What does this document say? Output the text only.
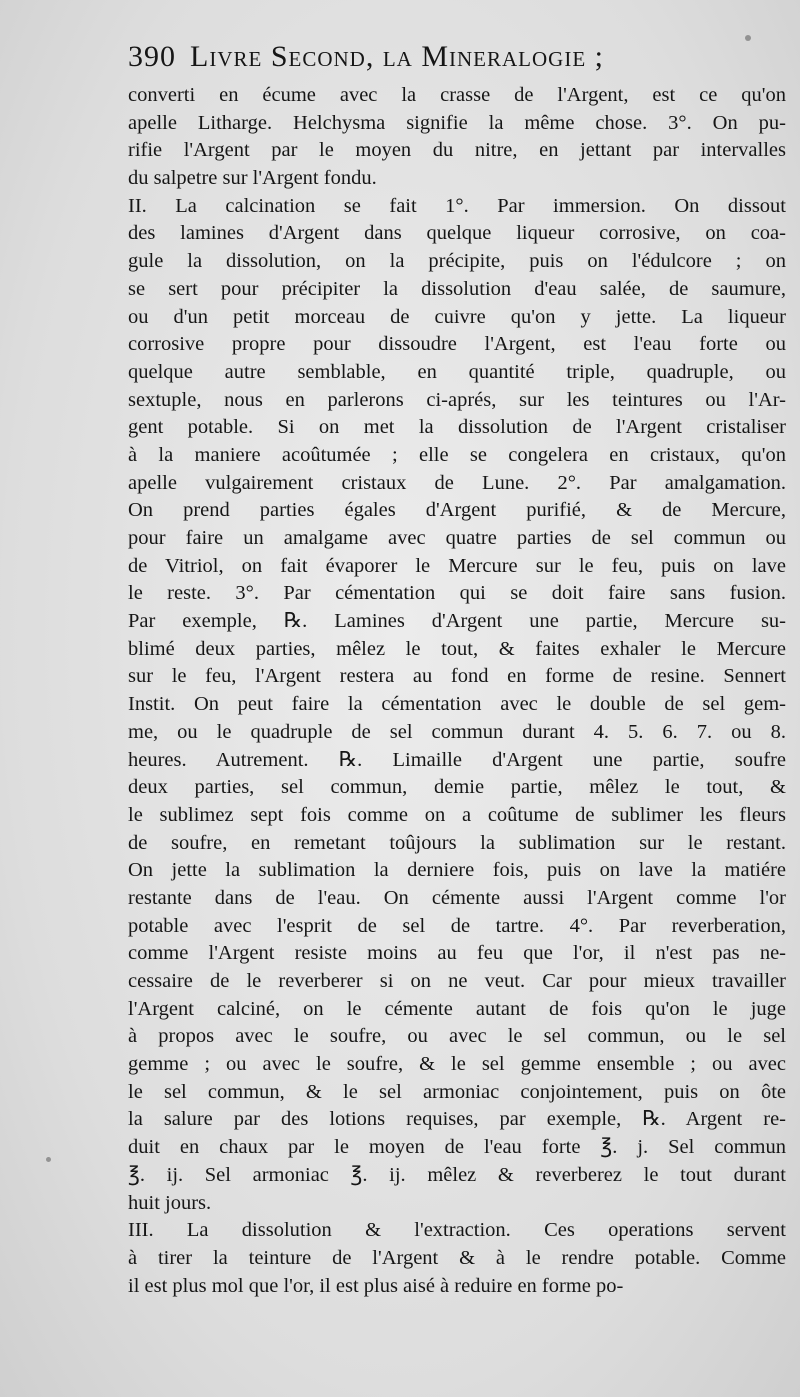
390 Livre Second, la Mineralogie ;
converti en écume avec la crasse de l'Argent, est ce qu'on
apelle Litharge. Helchysma signifie la même chose. 3°. On pu-
rifie l'Argent par le moyen du nitre, en jettant par intervalles
du salpetre sur l'Argent fondu.
II. La calcination se fait 1°. Par immersion. On dissout
des lamines d'Argent dans quelque liqueur corrosive, on coa-
gule la dissolution, on la précipite, puis on l'édulcore ; on
se sert pour précipiter la dissolution d'eau salée, de saumure,
ou d'un petit morceau de cuivre qu'on y jette. La liqueur
corrosive propre pour dissoudre l'Argent, est l'eau forte ou
quelque autre semblable, en quantité triple, quadruple, ou
sextuple, nous en parlerons ci-aprés, sur les teintures ou l'Ar-
gent potable. Si on met la dissolution de l'Argent cristaliser
à la maniere acoûtumée ; elle se congelera en cristaux, qu'on
apelle vulgairement cristaux de Lune. 2°. Par amalgamation.
On prend parties égales d'Argent purifié, & de Mercure,
pour faire un amalgame avec quatre parties de sel commun ou
de Vitriol, on fait évaporer le Mercure sur le feu, puis on lave
le reste. 3°. Par cémentation qui se doit faire sans fusion.
Par exemple, ℞. Lamines d'Argent une partie, Mercure su-
blimé deux parties, mêlez le tout, & faites exhaler le Mercure
sur le feu, l'Argent restera au fond en forme de resine. Sennert
Instit. On peut faire la cémentation avec le double de sel gem-
me, ou le quadruple de sel commun durant 4. 5. 6. 7. ou 8.
heures. Autrement. ℞. Limaille d'Argent une partie, soufre
deux parties, sel commun, demie partie, mêlez le tout, &
le sublimez sept fois comme on a coûtume de sublimer les fleurs
de soufre, en remetant toûjours la sublimation sur le restant.
On jette la sublimation la derniere fois, puis on lave la matiére
restante dans de l'eau. On cémente aussi l'Argent comme l'or
potable avec l'esprit de sel de tartre. 4°. Par reverberation,
comme l'Argent resiste moins au feu que l'or, il n'est pas ne-
cessaire de le reverberer si on ne veut. Car pour mieux travailler
l'Argent calciné, on le cémente autant de fois qu'on le juge
à propos avec le soufre, ou avec le sel commun, ou le sel
gemme ; ou avec le soufre, & le sel gemme ensemble ; ou avec
le sel commun, & le sel armoniac conjointement, puis on ôte
la salure par des lotions requises, par exemple, ℞. Argent re-
duit en chaux par le moyen de l'eau forte ℥. j. Sel commun
℥. ij. Sel armoniac ℥. ij. mêlez & reverberez le tout durant
huit jours.
III. La dissolution & l'extraction. Ces operations servent
à tirer la teinture de l'Argent & à le rendre potable. Comme
il est plus mol que l'or, il est plus aisé à reduire en forme po-
